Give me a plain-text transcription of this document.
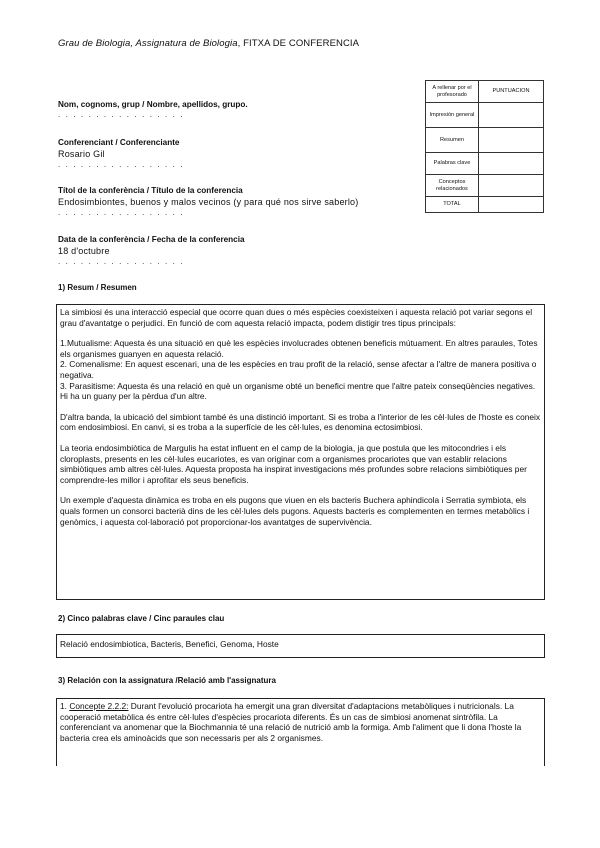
Grau de Biologia, Assignatura de Biologia, FITXA DE CONFERENCIA
A rellenar por el profesorado	PUNTUACION
Impresión general	
Resumen	
Palabras clave	
Conceptos relacionados	
TOTAL	
Nom, cognoms, grup / Nombre, apellidos, grupo.
. . . . . . . . . . . . . . . . .
Conferenciant / Conferenciante
Rosario Gil
. . . . . . . . . . . . . . . . .
Títol de la conferència / Título de la conferencia
Endosimbiontes, buenos y malos vecinos (y para qué nos sirve saberlo)
. . . . . . . . . . . . . . . . .
Data de la conferència / Fecha de la conferencia
18 d'octubre
. . . . . . . . . . . . . . . . .
1) Resum / Resumen

La simbiosi és una interacció especial que ocorre quan dues o més espècies coexisteixen i aquesta relació pot variar segons el grau d'avantatge o perjudici. En funció de com aquesta relació impacta, podem distigir tres tipus principals:

1.Mutualisme: Aquesta és una situació en què les espècies involucrades obtenen beneficis mútuament. En altres paraules, Totes els organismes guanyen en aquesta relació.
2. Comenalisme: En aquest escenari, una de les espècies en trau profit de la relació, sense afectar a l'altre de manera positiva o negativa.
3. Parasitisme: Aquesta és una relació en què un organisme obté un benefici mentre que l'altre pateix conseqüències negatives. Hi ha un guany per la pèrdua d'un altre.

D'altra banda, la ubicació del simbiont també és una distinció important. Si es troba a l'interior de les cèl·lules de l'hoste es coneix com endosimbiosi. En canvi, si es troba a la superfície de les cèl·lules, es denomina ectosimbiosi.

La teoria endosimbiòtica de Margulis ha estat influent en el camp de la biologia, ja que postula que les mitocondries i els cloroplasts, presents en les cèl·lules eucariotes, es van originar com a organismes procariotes que van establir relacions simbiòtiques amb altres cèl·lules. Aquesta proposta ha inspirat investigacions més profundes sobre relacions simbiòtiques per comprendre-les millor i aprofitar els seus beneficis.

Un exemple d'aquesta dinàmica es troba en els pugons que viuen en els bacteris Buchera aphindicola i Serratia symbiota, els quals formen un consorci bacterià dins de les cèl·lules dels pugons. Aquests bacteris es complementen en termes metabòlics i genòmics, i aquesta col·laboració pot proporcionar-los avantatges de supervivència.

2) Cinco palabras clave / Cinc paraules clau
Relació endosimbiotica, Bacteris, Benefici, Genoma, Hoste
3) Relación con la assignatura /Relació amb l'assignatura
1. Concepte 2.2.2: Durant l'evolució procariota ha emergit una gran diversitat d'adaptacions metabòliques i nutricionals. La cooperació metabòlica és entre cèl·lules d'espècies procariota diferents. És un cas de simbiosi anomenat sintròfila. La conferenciant va anomenar que la Biochmannia té una relació de nutrició amb la formiga. Amb l'aliment que li dona l'hoste la bacteria crea els aminoàcids que son necessaris per als 2 organismes.
